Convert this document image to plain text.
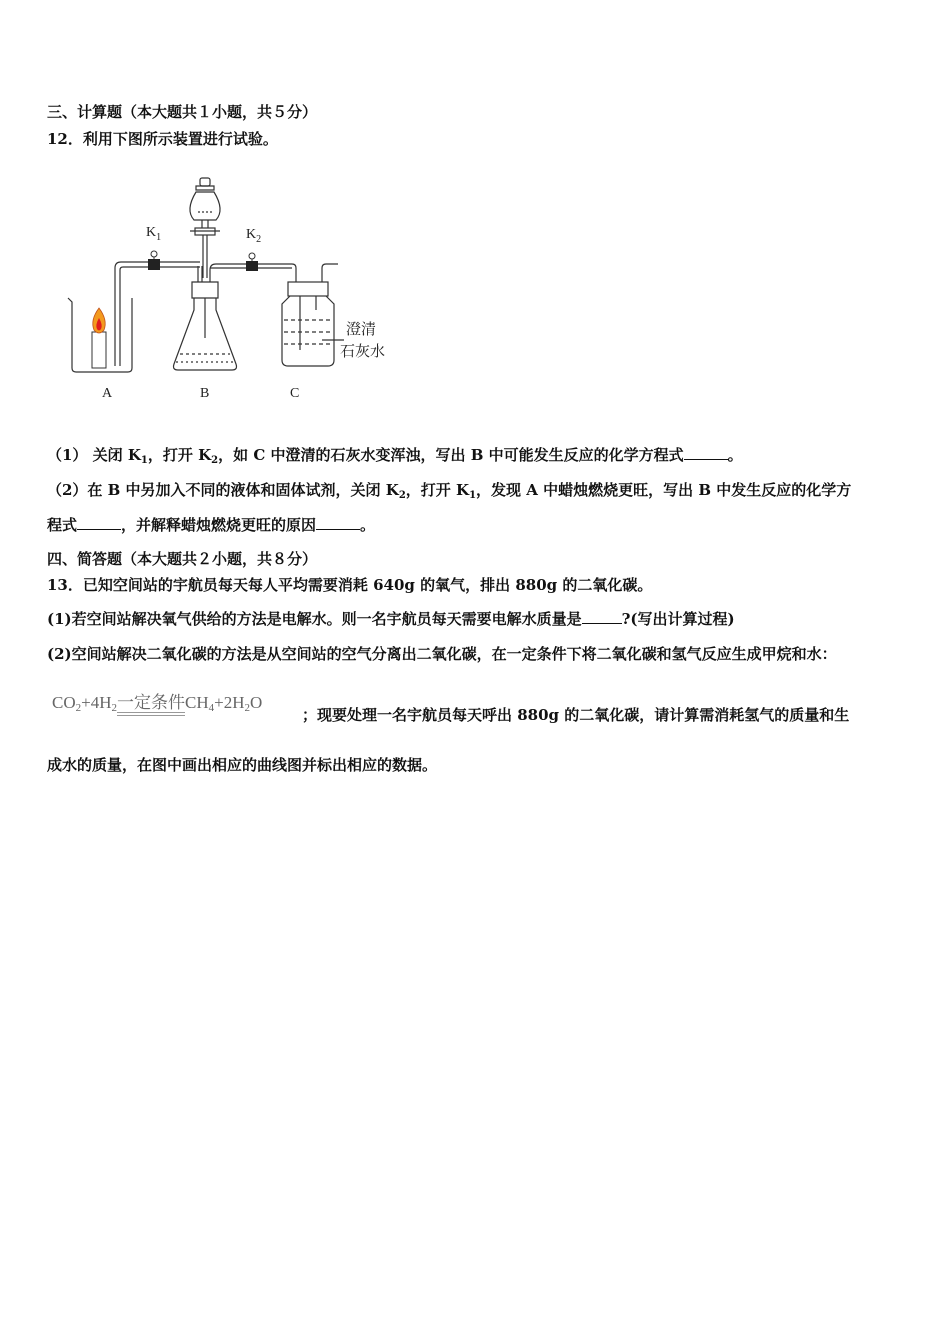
三、计算题（本大题共１小题，共５分）
12．利用下图所示装置进行试验。
$K_1$	$K_2$
澄清
石灰水
A	B	C
（1） 关闭 $K_1$，打开 $K_2$，如 C 中澄清的石灰水变浑浊，写出 B 中可能发生反应的化学方程式	。
（2）在 B 中另加入不同的液体和固体试剂，关闭 $K_2$，打开 $K_1$，发现 A 中蜡烛燃烧更旺，写出 B 中发生反应的化学方
程式	，并解释蜡烛燃烧更旺的原因	。
四、简答题（本大题共２小题，共８分）
13．已知空间站的宇航员每天每人平均需要消耗 640g 的氧气，排出 880g 的二氧化碳。
(1)若空间站解决氧气供给的方法是电解水。则一名宇航员每天需要电解水质量是	?(写出计算过程)
(2)空间站解决二氧化碳的方法是从空间站的空气分离出二氧化碳，在一定条件下将二氧化碳和氢气反应生成甲烷和水：
$CO_2+4H_2$一定条件$CH_4+2H_2O$
；现要处理一名宇航员每天呼出 880g 的二氧化碳，请计算需消耗氢气的质量和生
成水的质量，在图中画出相应的曲线图并标出相应的数据。
